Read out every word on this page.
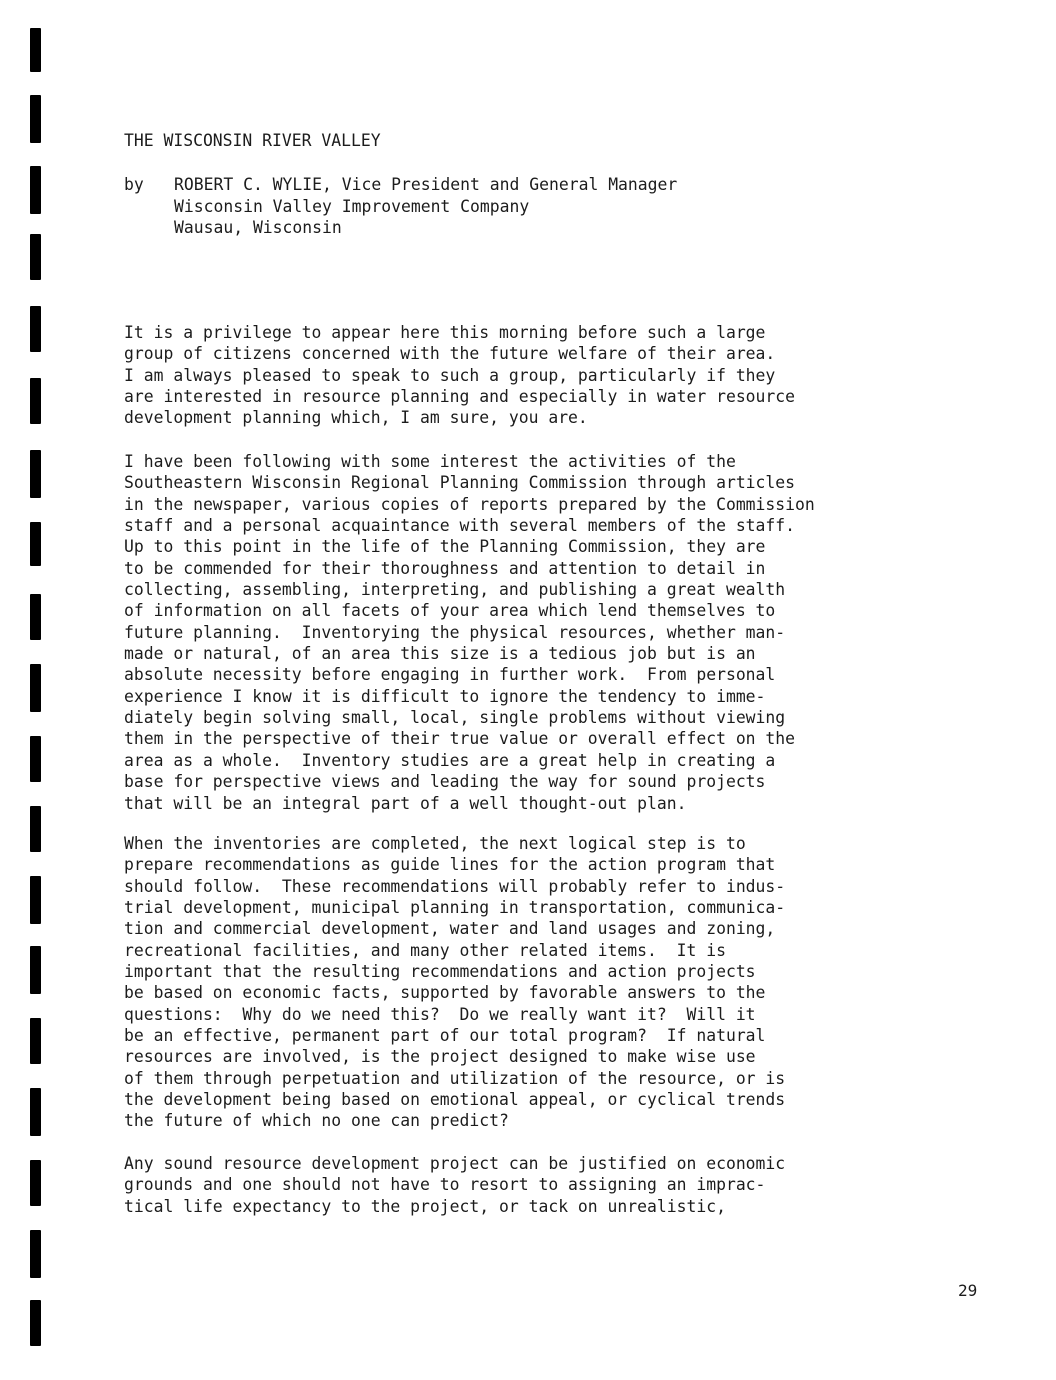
THE WISCONSIN RIVER VALLEY
by ROBERT C. WYLIE, Vice President and General Manager
Wisconsin Valley Improvement Company
Wausau, Wisconsin
It is a privilege to appear here this morning before such a large
group of citizens concerned with the future welfare of their area.
I am always pleased to speak to such a group, particularly if they
are interested in resource planning and especially in water resource
development planning which, I am sure, you are.
I have been following with some interest the activities of the
Southeastern Wisconsin Regional Planning Commission through articles
in the newspaper, various copies of reports prepared by the Commission
staff and a personal acquaintance with several members of the staff.
Up to this point in the life of the Planning Commission, they are
to be commended for their thoroughness and attention to detail in
collecting, assembling, interpreting, and publishing a great wealth
of information on all facets of your area which lend themselves to
future planning.  Inventorying the physical resources, whether man-
made or natural, of an area this size is a tedious job but is an
absolute necessity before engaging in further work.  From personal
experience I know it is difficult to ignore the tendency to imme-
diately begin solving small, local, single problems without viewing
them in the perspective of their true value or overall effect on the
area as a whole.  Inventory studies are a great help in creating a
base for perspective views and leading the way for sound projects
that will be an integral part of a well thought-out plan.
When the inventories are completed, the next logical step is to
prepare recommendations as guide lines for the action program that
should follow.  These recommendations will probably refer to indus-
trial development, municipal planning in transportation, communica-
tion and commercial development, water and land usages and zoning,
recreational facilities, and many other related items.  It is
important that the resulting recommendations and action projects
be based on economic facts, supported by favorable answers to the
questions:  Why do we need this?  Do we really want it?  Will it
be an effective, permanent part of our total program?  If natural
resources are involved, is the project designed to make wise use
of them through perpetuation and utilization of the resource, or is
the development being based on emotional appeal, or cyclical trends
the future of which no one can predict?
Any sound resource development project can be justified on economic
grounds and one should not have to resort to assigning an imprac-
tical life expectancy to the project, or tack on unrealistic,
29
